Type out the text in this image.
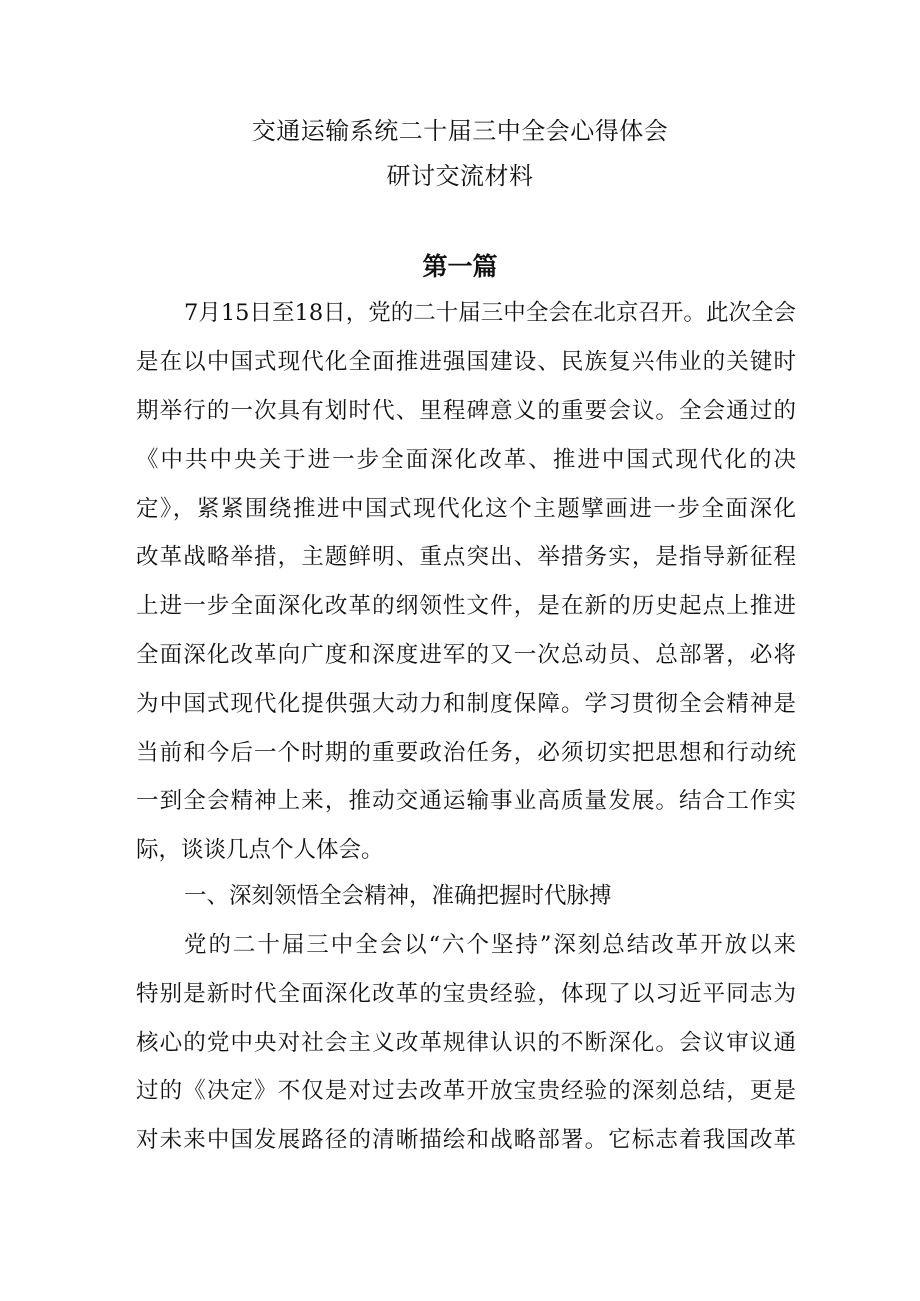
交通运输系统二十届三中全会心得体会
研讨交流材料
第一篇

7月15日至18日，党的二十届三中全会在北京召开。此次全会

是在以中国式现代化全面推进强国建设、民族复兴伟业的关键时

期举行的一次具有划时代、里程碑意义的重要会议。全会通过的

《中共中央关于进一步全面深化改革、推进中国式现代化的决

定》，紧紧围绕推进中国式现代化这个主题擘画进一步全面深化

改革战略举措，主题鲜明、重点突出、举措务实，是指导新征程

上进一步全面深化改革的纲领性文件，是在新的历史起点上推进

全面深化改革向广度和深度进军的又一次总动员、总部署，必将

为中国式现代化提供强大动力和制度保障。学习贯彻全会精神是

当前和今后一个时期的重要政治任务，必须切实把思想和行动统

一到全会精神上来，推动交通运输事业高质量发展。结合工作实

际，谈谈几点个人体会。

一、深刻领悟全会精神，准确把握时代脉搏

党的二十届三中全会以“六个坚持”深刻总结改革开放以来

特别是新时代全面深化改革的宝贵经验，体现了以习近平同志为

核心的党中央对社会主义改革规律认识的不断深化。会议审议通

过的《决定》不仅是对过去改革开放宝贵经验的深刻总结，更是

对未来中国发展路径的清晰描绘和战略部署。它标志着我国改革
